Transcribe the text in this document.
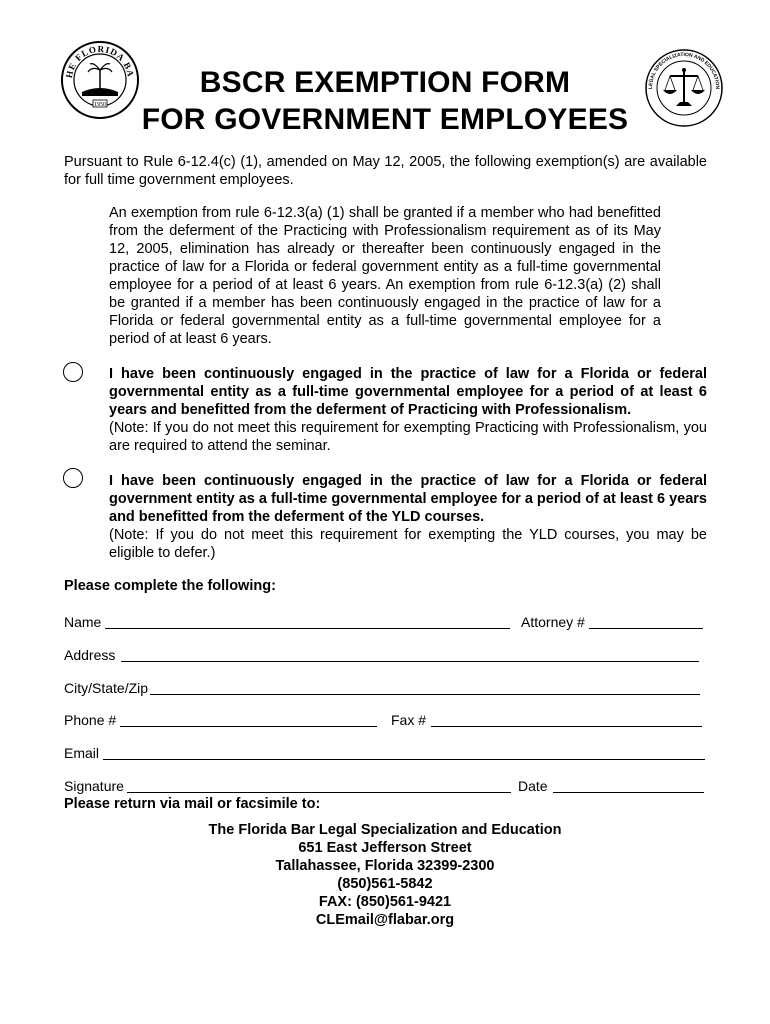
THE FLORIDA BAR
1950
LEGAL SPECIALIZATION AND EDUCATION
BSCR EXEMPTION FORM
FOR GOVERNMENT EMPLOYEES
Pursuant to Rule 6-12.4(c) (1), amended on May 12, 2005, the following exemption(s) are available for full time government employees.
An exemption from rule 6-12.3(a) (1) shall be granted if a member who had benefitted from the deferment of the Practicing with Professionalism requirement as of its May 12, 2005, elimination has already or thereafter been continuously engaged in the practice of law for a Florida or federal government entity as a full-time governmental employee for a period of at least 6 years. An exemption from rule 6-12.3(a) (2) shall be granted if a member has been continuously engaged in the practice of law for a Florida or federal governmental entity as a full-time governmental employee for a period of at least 6 years.
I have been continuously engaged in the practice of law for a Florida or federal governmental entity as a full-time governmental employee for a period of at least 6 years and benefitted from the deferment of Practicing with Professionalism.
(Note: If you do not meet this requirement for exempting Practicing with Professionalism, you are required to attend the seminar.
I have been continuously engaged in the practice of law for a Florida or federal government entity as a full-time governmental employee for a period of at least 6 years and benefitted from the deferment of the YLD courses.
(Note: If you do not meet this requirement for exempting the YLD courses, you may be eligible to defer.)
Please complete the following:
Name	Attorney #
Address
City/State/Zip
Phone #	Fax #
Email
Signature	Date
Please return via mail or facsimile to:
The Florida Bar Legal Specialization and Education
651 East Jefferson Street
Tallahassee, Florida 32399-2300
(850)561-5842
FAX: (850)561-9421
CLEmail@flabar.org
